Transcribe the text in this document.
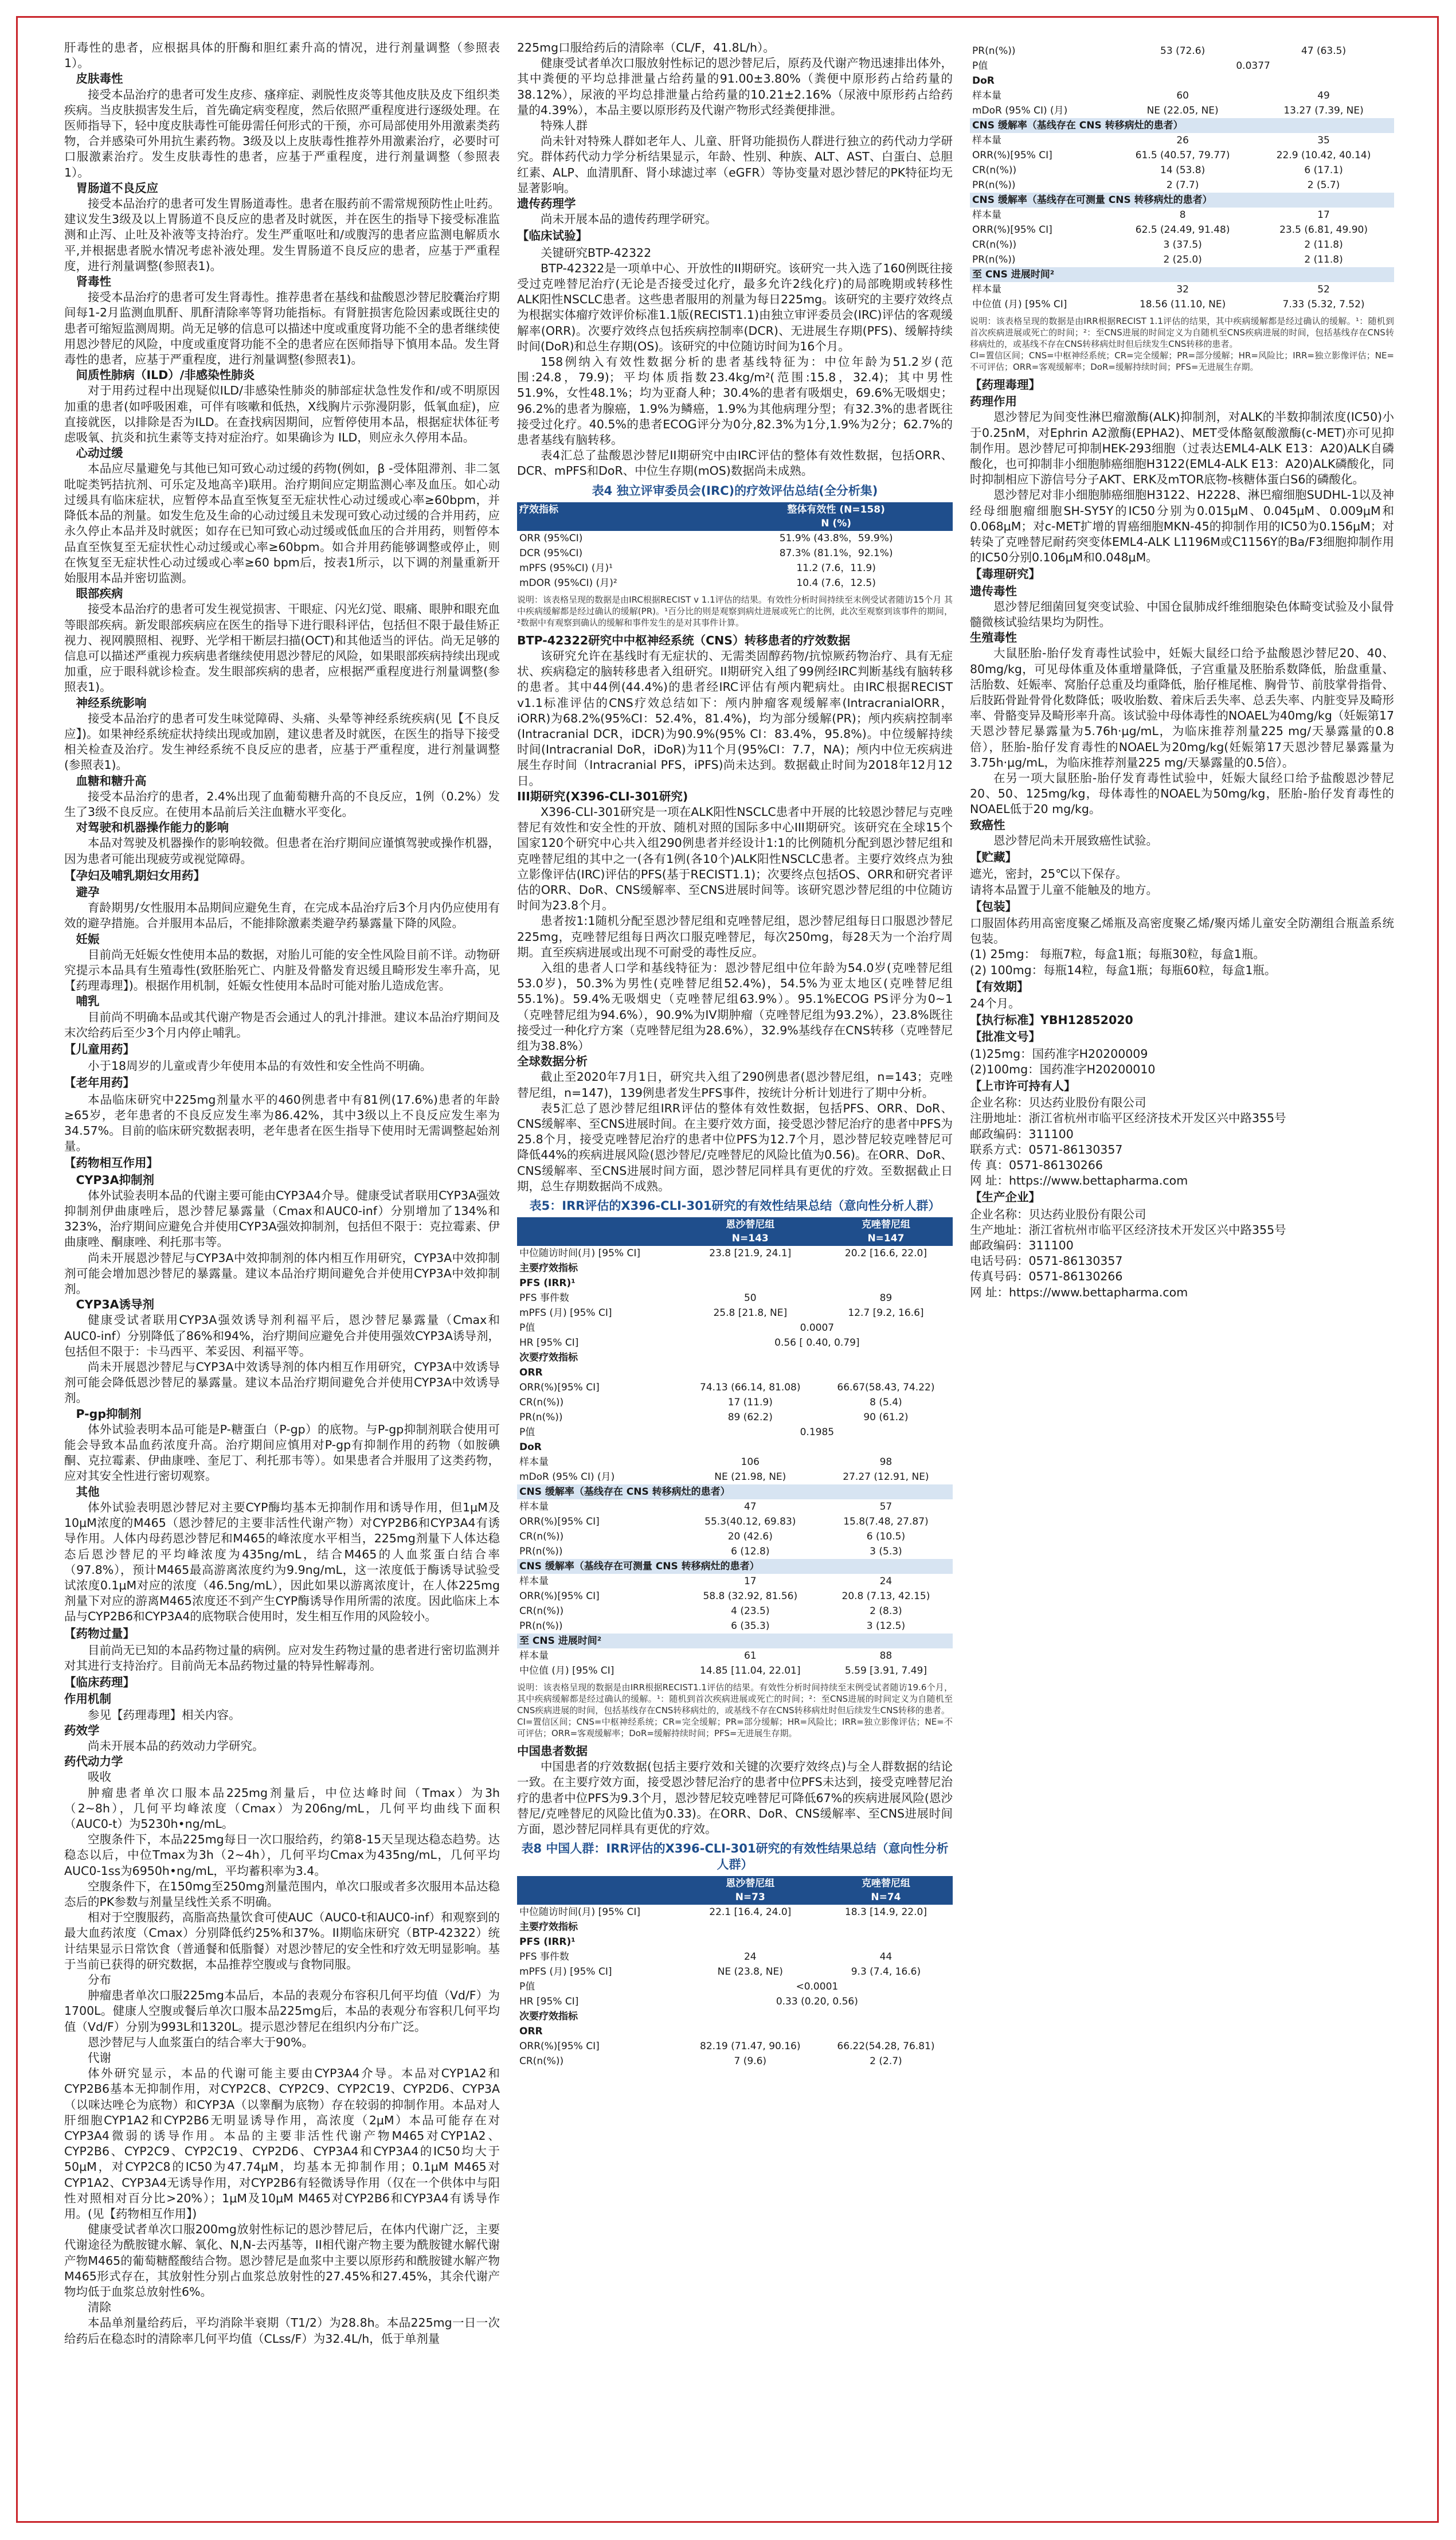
肝毒性的患者，应根据具体的肝酶和胆红素升高的情况，进行剂量调整（参照表1）。

皮肤毒性

接受本品治疗的患者可发生皮疹、瘙痒症、剥脱性皮炎等其他皮肤及皮下组织类疾病。当皮肤损害发生后，首先确定病变程度，然后依照严重程度进行逐级处理。在医师指导下，轻中度皮肤毒性可能毋需任何形式的干预，亦可局部使用外用激素类药物，合并感染可外用抗生素药物。3级及以上皮肤毒性推荐外用激素治疗，必要时可口服激素治疗。发生皮肤毒性的患者，应基于严重程度，进行剂量调整（参照表1）。

胃肠道不良反应

接受本品治疗的患者可发生胃肠道毒性。患者在服药前不需常规预防性止吐药。建议发生3级及以上胃肠道不良反应的患者及时就医，并在医生的指导下接受标准监测和止泻、止吐及补液等支持治疗。发生严重呕吐和/或腹泻的患者应监测电解质水平,并根据患者脱水情况考虑补液处理。发生胃肠道不良反应的患者，应基于严重程度，进行剂量调整(参照表1)。

肾毒性

接受本品治疗的患者可发生肾毒性。推荐患者在基线和盐酸恩沙替尼胶囊治疗期间每1-2月监测血肌酐、肌酐清除率等肾功能指标。有肾脏损害危险因素或既往史的患者可缩短监测周期。尚无足够的信息可以描述中度或重度肾功能不全的患者继续使用恩沙替尼的风险，中度或重度肾功能不全的患者应在医师指导下慎用本品。发生肾毒性的患者，应基于严重程度，进行剂量调整(参照表1)。

间质性肺病（ILD）/非感染性肺炎

对于用药过程中出现疑似ILD/非感染性肺炎的肺部症状急性发作和/或不明原因加重的患者(如呼吸困难，可伴有咳嗽和低热，X线胸片示弥漫阴影，低氧血症)，应直接就医，以排除是否为ILD。在查找病因期间，应暂停使用本品，根据症状体征考虑吸氧、抗炎和抗生素等支持对症治疗。如果确诊为 ILD，则应永久停用本品。

心动过缓

本品应尽量避免与其他已知可致心动过缓的药物(例如，β -受体阻滞剂、非二氢吡啶类钙拮抗剂、可乐定及地高辛)联用。治疗期间应定期监测心率及血压。如心动过缓具有临床症状，应暂停本品直至恢复至无症状性心动过缓或心率≥60bpm，并降低本品的剂量。如发生危及生命的心动过缓且未发现可致心动过缓的合并用药，应永久停止本品并及时就医；如存在已知可致心动过缓或低血压的合并用药，则暂停本品直至恢复至无症状性心动过缓或心率≥60bpm。如合并用药能够调整或停止，则在恢复至无症状性心动过缓或心率≥60 bpm后，按表1所示，以下调的剂量重新开始服用本品并密切监测。

眼部疾病

接受本品治疗的患者可发生视觉损害、干眼症、闪光幻觉、眼痛、眼肿和眼充血等眼部疾病。新发眼部疾病应在医生的指导下进行眼科评估，包括但不限于最佳矫正视力、视网膜照相、视野、光学相干断层扫描(OCT)和其他适当的评估。尚无足够的信息可以描述严重视力疾病患者继续使用恩沙替尼的风险，如果眼部疾病持续出现或加重，应于眼科就诊检查。发生眼部疾病的患者，应根据严重程度进行剂量调整(参照表1)。

神经系统影响

接受本品治疗的患者可发生味觉障碍、头痛、头晕等神经系统疾病(见【不良反应】)。如果神经系统症状持续出现或加剧，建议患者及时就医，在医生的指导下接受相关检查及治疗。发生神经系统不良反应的患者，应基于严重程度，进行剂量调整(参照表1)。

血糖和糖升高

接受本品治疗的患者，2.4%出现了血葡萄糖升高的不良反应，1例（0.2%）发生了3级不良反应。在使用本品前后关注血糖水平变化。

对驾驶和机器操作能力的影响

本品对驾驶及机器操作的影响较微。但患者在治疗期间应谨慎驾驶或操作机器，因为患者可能出现疲劳或视觉障碍。

【孕妇及哺乳期妇女用药】

避孕

育龄期男/女性服用本品期间应避免生育，在完成本品治疗后3个月内仍应使用有效的避孕措施。合并服用本品后，不能排除激素类避孕药暴露量下降的风险。

妊娠

目前尚无妊娠女性使用本品的数据，对胎儿可能的安全性风险目前不详。动物研究提示本品具有生殖毒性(致胚胎死亡、内脏及骨骼发育迟缓且畸形发生率升高，见【药理毒理】)。根据作用机制，妊娠女性使用本品时可能对胎儿造成危害。

哺乳

目前尚不明确本品或其代谢产物是否会通过人的乳汁排泄。建议本品治疗期间及末次给药后至少3个月内停止哺乳。

【儿童用药】

小于18周岁的儿童或青少年使用本品的有效性和安全性尚不明确。

【老年用药】

本品临床研究中225mg剂量水平的460例患者中有81例(17.6%)患者的年龄≥65岁，老年患者的不良反应发生率为86.42%，其中3级以上不良反应发生率为34.57%。目前的临床研究数据表明，老年患者在医生指导下使用时无需调整起始剂量。

【药物相互作用】

CYP3A抑制剂

体外试验表明本品的代谢主要可能由CYP3A4介导。健康受试者联用CYP3A强效抑制剂伊曲康唑后，恩沙替尼暴露量（Cmax和AUC0-inf）分别增加了134%和323%，治疗期间应避免合并使用CYP3A强效抑制剂，包括但不限于：克拉霉素、伊曲康唑、酮康唑、利托那韦等。

尚未开展恩沙替尼与CYP3A中效抑制剂的体内相互作用研究，CYP3A中效抑制剂可能会增加恩沙替尼的暴露量。建议本品治疗期间避免合并使用CYP3A中效抑制剂。

CYP3A诱导剂

健康受试者联用CYP3A强效诱导剂利福平后，恩沙替尼暴露量（Cmax和AUC0-inf）分别降低了86%和94%，治疗期间应避免合并使用强效CYP3A诱导剂，包括但不限于：卡马西平、苯妥因、利福平等。

尚未开展恩沙替尼与CYP3A中效诱导剂的体内相互作用研究，CYP3A中效诱导剂可能会降低恩沙替尼的暴露量。建议本品治疗期间避免合并使用CYP3A中效诱导剂。

P-gp抑制剂

体外试验表明本品可能是P-糖蛋白（P-gp）的底物。与P-gp抑制剂联合使用可能会导致本品血药浓度升高。治疗期间应慎用对P-gp有抑制作用的药物（如胺碘酮、克拉霉素、伊曲康唑、奎尼丁、利托那韦等）。如果患者合并服用了这类药物，应对其安全性进行密切观察。

其他

体外试验表明恩沙替尼对主要CYP酶均基本无抑制作用和诱导作用，但1μM及10μM浓度的M465（恩沙替尼的主要非活性代谢产物）对CYP2B6和CYP3A4有诱导作用。人体内母药恩沙替尼和M465的峰浓度水平相当，225mg剂量下人体达稳态后恩沙替尼的平均峰浓度为435ng/mL，结合M465的人血浆蛋白结合率（97.8%），预计M465最高游离浓度约为9.9ng/mL，这一浓度低于酶诱导试验受试浓度0.1μM对应的浓度（46.5ng/mL），因此如果以游离浓度计，在人体225mg剂量下对应的游离M465浓度还不到产生CYP酶诱导作用所需的浓度。因此临床上本品与CYP2B6和CYP3A4的底物联合使用时，发生相互作用的风险较小。

【药物过量】

目前尚无已知的本品药物过量的病例。应对发生药物过量的患者进行密切监测并对其进行支持治疗。目前尚无本品药物过量的特异性解毒剂。

【临床药理】

作用机制

参见【药理毒理】相关内容。

药效学

尚未开展本品的药效动力学研究。

药代动力学

吸收

肿瘤患者单次口服本品225mg剂量后，中位达峰时间（Tmax）为3h（2~8h），几何平均峰浓度（Cmax）为206ng/mL，几何平均曲线下面积（AUC0-t）为5230h•ng/mL。

空腹条件下，本品225mg每日一次口服给药，约第8-15天呈现达稳态趋势。达稳态以后，中位Tmax为3h（2~4h），几何平均Cmax为435ng/mL，几何平均AUC0-1ss为6950h•ng/mL，平均蓄积率为3.4。

空腹条件下，在150mg至250mg剂量范围内，单次口服或者多次服用本品达稳态后的PK参数与剂量呈线性关系不明确。

相对于空腹服药，高脂高热量饮食可使AUC（AUC0-t和AUC0-inf）和观察到的最大血药浓度（Cmax）分别降低约25%和37%。II期临床研究（BTP-42322）统计结果显示日常饮食（普通餐和低脂餐）对恩沙替尼的安全性和疗效无明显影响。基于当前已获得的研究数据，本品推荐空腹或与食物同服。

分布

肿瘤患者单次口服225mg本品后，本品的表观分布容积几何平均值（Vd/F）为1700L。健康人空腹或餐后单次口服本品225mg后，本品的表观分布容积几何平均值（Vd/F）分别为993L和1320L。提示恩沙替尼在组织内分布广泛。

恩沙替尼与人血浆蛋白的结合率大于90%。

代谢

体外研究显示，本品的代谢可能主要由CYP3A4介导。本品对CYP1A2和CYP2B6基本无抑制作用，对CYP2C8、CYP2C9、CYP2C19、CYP2D6、CYP3A（以咪达唑仑为底物）和CYP3A（以睾酮为底物）存在较弱的抑制作用。本品对人肝细胞CYP1A2和CYP2B6无明显诱导作用，高浓度（2μM）本品可能存在对CYP3A4微弱的诱导作用。本品的主要非活性代谢产物M465对CYP1A2、CYP2B6、CYP2C9、CYP2C19、CYP2D6、CYP3A4和CYP3A4的IC50均大于50μM，对CYP2C8的IC50为47.74μM，均基本无抑制作用；0.1μM M465对CYP1A2、CYP3A4无诱导作用，对CYP2B6有轻微诱导作用（仅在一个供体中与阳性对照相对百分比>20%）；1μM及10μM M465对CYP2B6和CYP3A4有诱导作用。(见【药物相互作用】)

健康受试者单次口服200mg放射性标记的恩沙替尼后，在体内代谢广泛，主要代谢途径为酰胺键水解、氧化、N,N-去丙基等，II相代谢产物主要为酰胺键水解代谢产物M465的葡萄糖醛酸结合物。恩沙替尼是血浆中主要以原形药和酰胺键水解产物M465形式存在，其放射性分别占血浆总放射性的27.45%和27.45%，其余代谢产物均低于血浆总放射性6%。

清除

本品单剂量给药后，平均消除半衰期（T1/2）为28.8h。本品225mg一日一次给药后在稳态时的清除率几何平均值（CLss/F）为32.4L/h，低于单剂量

225mg口服给药后的清除率（CL/F，41.8L/h）。

健康受试者单次口服放射性标记的恩沙替尼后，原药及代谢产物迅速排出体外，其中粪便的平均总排泄量占给药量的91.00±3.80%（粪便中原形药占给药量的38.12%），尿液的平均总排泄量占给药量的10.21±2.16%（尿液中原形药占给药量的4.39%），本品主要以原形药及代谢产物形式经粪便排泄。

特殊人群

尚未针对特殊人群如老年人、儿童、肝肾功能损伤人群进行独立的药代动力学研究。群体药代动力学分析结果显示，年龄、性别、种族、ALT、AST、白蛋白、总胆红素、ALP、血清肌酐、肾小球滤过率（eGFR）等协变量对恩沙替尼的PK特征均无显著影响。

遗传药理学

尚未开展本品的遗传药理学研究。

【临床试验】

关键研究BTP-42322

BTP-42322是一项单中心、开放性的II期研究。该研究一共入选了160例既往接受过克唑替尼治疗(无论是否接受过化疗，最多允许2线化疗)的局部晚期或转移性ALK阳性NSCLC患者。这些患者服用的剂量为每日225mg。该研究的主要疗效终点为根据实体瘤疗效评价标准1.1版(RECIST1.1)由独立审评委员会(IRC)评估的客观缓解率(ORR)。次要疗效终点包括疾病控制率(DCR)、无进展生存期(PFS)、缓解持续时间(DoR)和总生存期(OS)。该研究的中位随访时间为16个月。

158例纳入有效性数据分析的患者基线特征为：中位年龄为51.2岁(范围:24.8，79.9)；平均体质指数23.4kg/m²(范围:15.8，32.4)；其中男性51.9%，女性48.1%；均为亚裔人种；30.4%的患者有吸烟史，69.6%无吸烟史；96.2%的患者为腺癌，1.9%为鳞癌，1.9%为其他病理分型；有32.3%的患者既往接受过化疗。40.5%的患者ECOG评分为0分,82.3%为1分,1.9%为2分；62.7%的患者基线有脑转移。

表4汇总了盐酸恩沙替尼II期研究中由IRC评估的整体有效性数据，包括ORR、DCR、mPFS和DoR、中位生存期(mOS)数据尚未成熟。

表4 独立评审委员会(IRC)的疗效评估总结(全分析集)
疗效指标	整体有效性 (N=158)
N (%)
ORR (95%CI)	51.9% (43.8%，59.9%)
DCR (95%CI)	87.3% (81.1%，92.1%)
mPFS (95%CI) (月)¹	11.2 (7.6，11.9)
mDOR (95%CI) (月)²	10.4 (7.6，12.5)
说明：该表格呈现的数据是由IRC根据RECIST v 1.1评估的结果。有效性分析时间持续至末例受试者随访15个月 其中疾病缓解都是经过确认的缓解(PR)。¹百分比的则是观察到病灶进展或死亡的比例，此次至观察到该事件的期间，²数据中有观察到确认的缓解和事件发生的是对其事件计算。

BTP-42322研究中中枢神经系统（CNS）转移患者的疗效数据

该研究允许在基线时有无症状的、无需类固醇药物/抗惊厥药物治疗、具有无症状、疾病稳定的脑转移患者入组研究。II期研究入组了99例经IRC判断基线有脑转移的患者。其中44例(44.4%)的患者经IRC评估有颅内靶病灶。由IRC根据RECIST v1.1标准评估的CNS疗效总结如下：颅内肿瘤客观缓解率(IntracranialORR，iORR)为68.2%(95%CI：52.4%，81.4%)，均为部分缓解(PR)；颅内疾病控制率(Intracranial DCR，iDCR)为90.9%(95% CI：83.4%，95.8%)。中位缓解持续时间(Intracranial DoR，iDoR)为11个月(95%CI：7.7，NA)；颅内中位无疾病进展生存时间（Intracranial PFS，iPFS)尚未达到。数据截止时间为2018年12月12日。

III期研究(X396-CLI-301研究)

X396-CLI-301研究是一项在ALK阳性NSCLC患者中开展的比较恩沙替尼与克唑替尼有效性和安全性的开放、随机对照的国际多中心III期研究。该研究在全球15个国家120个研究中心共入组290例患者并经设计1:1的比例随机分配到恩沙替尼组和克唑替尼组的其中之一(各有1例(各10个)ALK阳性NSCLC患者。主要疗效终点为独立影像评估(IRC)评估的PFS(基于RECIST1.1)；次要终点包括OS、ORR和研究者评估的ORR、DoR、CNS缓解率、至CNS进展时间等。该研究恩沙替尼组的中位随访时间为23.8个月。

患者按1:1随机分配至恩沙替尼组和克唑替尼组，恩沙替尼组每日口服恩沙替尼225mg，克唑替尼组每日两次口服克唑替尼，每次250mg，每28天为一个治疗周期。直至疾病进展或出现不可耐受的毒性反应。

入组的患者人口学和基线特征为：恩沙替尼组中位年龄为54.0岁(克唑替尼组53.0岁)，50.3%为男性(克唑替尼组52.4%)，54.5%为亚太地区(克唑替尼组55.1%)。59.4%无吸烟史（克唑替尼组63.9%）。95.1%ECOG PS评分为0~1（克唑替尼组为94.6%），90.9%为IV期肿瘤（克唑替尼组为93.2%），23.8%既往接受过一种化疗方案（克唑替尼组为28.6%），32.9%基线存在CNS转移（克唑替尼组为38.8%）

全球数据分析

截止至2020年7月1日，研究共入组了290例患者(恩沙替尼组，n=143；克唑替尼组，n=147)，139例患者发生PFS事件，按统计分析计划进行了期中分析。

表5汇总了恩沙替尼组IRR评估的整体有效性数据，包括PFS、ORR、DoR、CNS缓解率、至CNS进展时间。在主要疗效方面，接受恩沙替尼治疗的患者中PFS为25.8个月，接受克唑替尼治疗的患者中位PFS为12.7个月，恩沙替尼较克唑替尼可降低44%的疾病进展风险(恩沙替尼/克唑替尼的风险比值为0.56)。在ORR、DoR、CNS缓解率、至CNS进展时间方面，恩沙替尼同样具有更优的疗效。至数据截止日期，总生存期数据尚不成熟。

表5：IRR评估的X396-CLI-301研究的有效性结果总结（意向性分析人群）
	恩沙替尼组
N=143	克唑替尼组
N=147
中位随访时间(月) [95% CI]	23.8 [21.9, 24.1]	20.2 [16.6, 22.0]
主要疗效指标		
PFS (IRR)¹		
PFS 事件数	50	89
mPFS (月) [95% CI]	25.8 [21.8, NE]	12.7 [9.2, 16.6]
P值	0.0007	
HR [95% CI]	0.56 [ 0.40, 0.79]	
次要疗效指标		
ORR		
ORR(%)[95% CI]	74.13 (66.14, 81.08)	66.67(58.43, 74.22)
CR(n(%))	17 (11.9)	8 (5.4)
PR(n(%))	89 (62.2)	90 (61.2)
P值	0.1985	
DoR		
样本量	106	98
mDoR (95% CI) (月)	NE (21.98, NE)	27.27 (12.91, NE)
CNS 缓解率（基线存在 CNS 转移病灶的患者）		
样本量	47	57
ORR(%)[95% CI]	55.3(40.12, 69.83)	15.8(7.48, 27.87)
CR(n(%))	20 (42.6)	6 (10.5)
PR(n(%))	6 (12.8)	3 (5.3)
CNS 缓解率（基线存在可测量 CNS 转移病灶的患者）		
样本量	17	24
ORR(%)[95% CI]	58.8 (32.92, 81.56)	20.8 (7.13, 42.15)
CR(n(%))	4 (23.5)	2 (8.3)
PR(n(%))	6 (35.3)	3 (12.5)
至 CNS 进展时间²		
样本量	61	88
中位值 (月) [95% CI]	14.85 [11.04, 22.01]	5.59 [3.91, 7.49]
说明：该表格呈现的数据是由IRR根据RECIST1.1评估的结果。有效性分析时间持续至末例受试者随访19.6个月，其中疾病缓解都是经过确认的缓解。¹：随机到首次疾病进展或死亡的时间；²：至CNS进展的时间定义为自随机至CNS疾病进展的时间，包括基线存在CNS转移病灶的，或基线不存在CNS转移病灶时但后续发生CNS转移的患者。
CI=置信区间；CNS=中枢神经系统；CR=完全缓解；PR=部分缓解；HR=风险比；IRR=独立影像评估；NE=不可评估；ORR=客观缓解率；DoR=缓解持续时间；PFS=无进展生存期。

中国患者数据

中国患者的疗效数据(包括主要疗效和关键的次要疗效终点)与全人群数据的结论一致。在主要疗效方面，接受恩沙替尼治疗的患者中位PFS未达到，接受克唑替尼治疗的患者中位PFS为9.3个月，恩沙替尼较克唑替尼可降低67%的疾病进展风险(恩沙替尼/克唑替尼的风险比值为0.33)。在ORR、DoR、CNS缓解率、至CNS进展时间方面，恩沙替尼同样具有更优的疗效。

表8 中国人群：IRR评估的X396-CLI-301研究的有效性结果总结（意向性分析人群）
	恩沙替尼组
N=73	克唑替尼组
N=74
中位随访时间(月) [95% CI]	22.1 [16.4, 24.0]	18.3 [14.9, 22.0]
主要疗效指标		
PFS (IRR)¹		
PFS 事件数	24	44
mPFS (月) [95% CI]	NE (23.8, NE)	9.3 (7.4, 16.6)
P值	<0.0001	
HR [95% CI]	0.33 (0.20, 0.56)	
次要疗效指标		
ORR		
ORR(%)[95% CI]	82.19 (71.47, 90.16)	66.22(54.28, 76.81)
CR(n(%))	7 (9.6)	2 (2.7)
PR(n(%))	53 (72.6)	47 (63.5)
P值	0.0377	
DoR		
样本量	60	49
mDoR (95% CI) (月)	NE (22.05, NE)	13.27 (7.39, NE)
CNS 缓解率（基线存在 CNS 转移病灶的患者）		
样本量	26	35
ORR(%)[95% CI]	61.5 (40.57, 79.77)	22.9 (10.42, 40.14)
CR(n(%))	14 (53.8)	6 (17.1)
PR(n(%))	2 (7.7)	2 (5.7)
CNS 缓解率（基线存在可测量 CNS 转移病灶的患者）		
样本量	8	17
ORR(%)[95% CI]	62.5 (24.49, 91.48)	23.5 (6.81, 49.90)
CR(n(%))	3 (37.5)	2 (11.8)
PR(n(%))	2 (25.0)	2 (11.8)
至 CNS 进展时间²		
样本量	32	52
中位值 (月) [95% CI]	18.56 (11.10, NE)	7.33 (5.32, 7.52)
说明：该表格呈现的数据是由IRR根据RECIST 1.1评估的结果，其中疾病缓解都是经过确认的缓解。¹：随机到首次疾病进展或死亡的时间；²：至CNS进展的时间定义为自随机至CNS疾病进展的时间，包括基线存在CNS转移病灶的，或基线不存在CNS转移病灶时但后续发生CNS转移的患者。
CI=置信区间；CNS=中枢神经系统；CR=完全缓解；PR=部分缓解；HR=风险比；IRR=独立影像评估；NE=不可评估；ORR=客观缓解率；DoR=缓解持续时间；PFS=无进展生存期。

【药理毒理】

药理作用

恩沙替尼为间变性淋巴瘤激酶(ALK)抑制剂，对ALK的半数抑制浓度(IC50)小于0.25nM，对Ephrin A2激酶(EPHA2)、MET受体酪氨酸激酶(c-MET)亦可见抑制作用。恩沙替尼可抑制HEK-293细胞（过表达EML4-ALK E13：A20)ALK自磷酸化，也可抑制非小细胞肺癌细胞H3122(EML4-ALK E13：A20)ALK磷酸化，同时抑制相应下游信号分子AKT、ERK及mTOR底物-核糖体蛋白S6的磷酸化。

恩沙替尼对非小细胞肺癌细胞H3122、H2228、淋巴瘤细胞SUDHL-1以及神经母细胞瘤细胞SH-SY5Y的IC50分别为0.015μM、0.045μM、0.009μM和0.068μM；对c-MET扩增的胃癌细胞MKN-45的抑制作用的IC50为0.156μM；对转染了克唑替尼耐药突变体EML4-ALK L1196M或C1156Y的Ba/F3细胞抑制作用的IC50分别0.106μM和0.048μM。

【毒理研究】

遗传毒性

恩沙替尼细菌回复突变试验、中国仓鼠肺成纤维细胞染色体畸变试验及小鼠骨髓微核试验结果均为阴性。

生殖毒性

大鼠胚胎-胎仔发育毒性试验中，妊娠大鼠经口给予盐酸恩沙替尼20、40、80mg/kg，可见母体重及体重增量降低，子宫重量及胚胎系数降低，胎盘重量、活胎数、妊娠率、窝胎仔总重及均重降低，胎仔椎尾椎、胸骨节、前肢掌骨指骨、后肢跖骨趾骨骨化数降低；吸收胎数、着床后丢失率、总丢失率、内脏变异及畸形率、骨骼变异及畸形率升高。该试验中母体毒性的NOAEL为40mg/kg（妊娠第17天恩沙替尼暴露量为5.76h·μg/mL，为临床推荐剂量225 mg/天暴露量的0.8倍），胚胎-胎仔发育毒性的NOAEL为20mg/kg(妊娠第17天恩沙替尼暴露量为3.75h·μg/mL，为临床推荐剂量225 mg/天暴露量的0.5倍）。

在另一项大鼠胚胎-胎仔发育毒性试验中，妊娠大鼠经口给予盐酸恩沙替尼20、50、125mg/kg，母体毒性的NOAEL为50mg/kg，胚胎-胎仔发育毒性的NOAEL低于20 mg/kg。

致癌性

恩沙替尼尚未开展致癌性试验。

【贮藏】

遮光，密封，25℃以下保存。

请将本品置于儿童不能触及的地方。

【包装】

口服固体药用高密度聚乙烯瓶及高密度聚乙烯/聚丙烯儿童安全防潮组合瓶盖系统包装。

(1) 25mg： 每瓶7粒，每盒1瓶；每瓶30粒，每盒1瓶。

(2) 100mg：每瓶14粒，每盒1瓶；每瓶60粒，每盒1瓶。

【有效期】

24个月。

【执行标准】YBH12852020

【批准文号】

(1)25mg：国药准字H20200009

(2)100mg：国药准字H20200010

【上市许可持有人】

企业名称：贝达药业股份有限公司

注册地址：浙江省杭州市临平区经济技术开发区兴中路355号

邮政编码：311100

联系方式：0571-86130357

传 真：0571-86130266

网 址：https://www.bettapharma.com

【生产企业】

企业名称：贝达药业股份有限公司

生产地址：浙江省杭州市临平区经济技术开发区兴中路355号

邮政编码：311100

电话号码：0571-86130357

传真号码：0571-86130266

网 址：https://www.bettapharma.com
